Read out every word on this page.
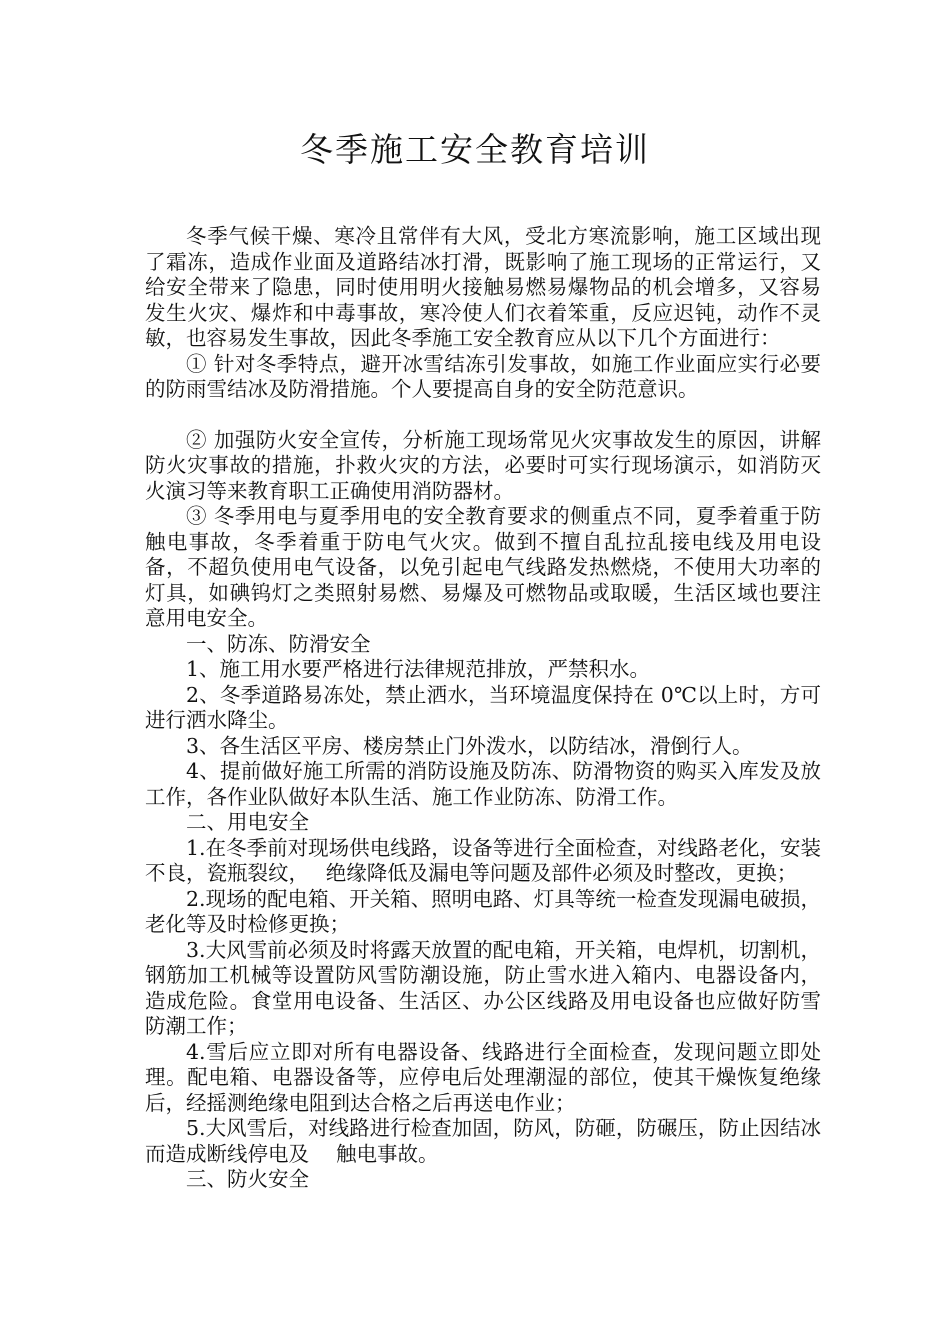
冬季施工安全教育培训

冬季气候干燥、寒冷且常伴有大风，受北方寒流影响，施工区域出现了霜冻，造成作业面及道路结冰打滑，既影响了施工现场的正常运行，又给安全带来了隐患，同时使用明火接触易燃易爆物品的机会增多，又容易发生火灾、爆炸和中毒事故，寒冷使人们衣着笨重，反应迟钝，动作不灵敏，也容易发生事故，因此冬季施工安全教育应从以下几个方面进行：

① 针对冬季特点，避开冰雪结冻引发事故，如施工作业面应实行必要的防雨雪结冰及防滑措施。个人要提高自身的安全防范意识。

② 加强防火安全宣传，分析施工现场常见火灾事故发生的原因，讲解防火灾事故的措施，扑救火灾的方法，必要时可实行现场演示，如消防灭火演习等来教育职工正确使用消防器材。

③ 冬季用电与夏季用电的安全教育要求的侧重点不同，夏季着重于防触电事故，冬季着重于防电气火灾。做到不擅自乱拉乱接电线及用电设备，不超负使用电气设备，以免引起电气线路发热燃烧，不使用大功率的灯具，如碘钨灯之类照射易燃、易爆及可燃物品或取暖，生活区域也要注意用电安全。

一、防冻、防滑安全

1、施工用水要严格进行法律规范排放，严禁积水。

2、冬季道路易冻处，禁止洒水，当环境温度保持在 0℃以上时，方可进行洒水降尘。

3、各生活区平房、楼房禁止门外泼水，以防结冰，滑倒行人。

4、提前做好施工所需的消防设施及防冻、防滑物资的购买入库发及放工作，各作业队做好本队生活、施工作业防冻、防滑工作。

二、用电安全

1.在冬季前对现场供电线路，设备等进行全面检查，对线路老化，安装不良，瓷瓶裂纹，　 绝缘降低及漏电等问题及部件必须及时整改，更换；

2.现场的配电箱、开关箱、照明电路、灯具等统一检查发现漏电破损，老化等及时检修更换；

3.大风雪前必须及时将露天放置的配电箱，开关箱，电焊机，切割机，钢筋加工机械等设置防风雪防潮设施，防止雪水进入箱内、电器设备内，造成危险。食堂用电设备、生活区、办公区线路及用电设备也应做好防雪防潮工作；

4.雪后应立即对所有电器设备、线路进行全面检查，发现问题立即处理。配电箱、电器设备等，应停电后处理潮湿的部位，使其干燥恢复绝缘后，经摇测绝缘电阻到达合格之后再送电作业；

5.大风雪后，对线路进行检查加固，防风，防砸，防碾压，防止因结冰而造成断线停电及　 触电事故。

三、防火安全
